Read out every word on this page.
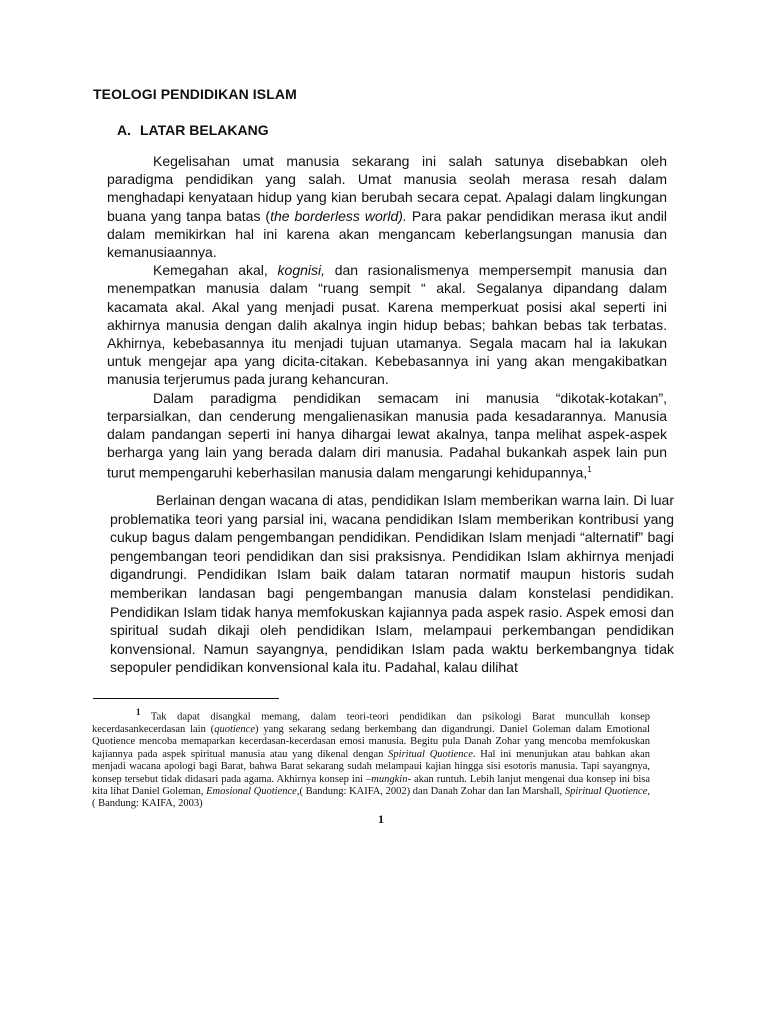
TEOLOGI PENDIDIKAN ISLAM
A. LATAR BELAKANG

Kegelisahan umat manusia sekarang ini salah satunya disebabkan oleh paradigma pendidikan yang salah. Umat manusia seolah merasa resah dalam menghadapi kenyataan hidup yang kian berubah secara cepat. Apalagi dalam lingkungan buana yang tanpa batas (the borderless world). Para pakar pendidikan merasa ikut andil dalam memikirkan hal ini karena akan mengancam keberlangsungan manusia dan kemanusiaannya.

Kemegahan akal, kognisi, dan rasionalismenya mempersempit manusia dan menempatkan manusia dalam “ruang sempit “ akal. Segalanya dipandang dalam kacamata akal. Akal yang menjadi pusat. Karena memperkuat posisi akal seperti ini akhirnya manusia dengan dalih akalnya ingin hidup bebas; bahkan bebas tak terbatas. Akhirnya, kebebasannya itu menjadi tujuan utamanya. Segala macam hal ia lakukan untuk mengejar apa yang dicita-citakan. Kebebasannya ini yang akan mengakibatkan manusia terjerumus pada jurang kehancuran.

Dalam paradigma pendidikan semacam ini manusia “dikotak-kotakan”, terparsialkan, dan cenderung mengalienasikan manusia pada kesadarannya. Manusia dalam pandangan seperti ini hanya dihargai lewat akalnya, tanpa melihat aspek-aspek berharga yang lain yang berada dalam diri manusia. Padahal bukankah aspek lain pun turut mempengaruhi keberhasilan manusia dalam mengarungi kehidupannya,$^1$

Berlainan dengan wacana di atas, pendidikan Islam memberikan warna lain. Di luar problematika teori yang parsial ini, wacana pendidikan Islam memberikan kontribusi yang cukup bagus dalam pengembangan pendidikan. Pendidikan Islam menjadi “alternatif” bagi pengembangan teori pendidikan dan sisi praksisnya. Pendidikan Islam akhirnya menjadi digandrungi. Pendidikan Islam baik dalam tataran normatif maupun historis sudah memberikan landasan bagi pengembangan manusia dalam konstelasi pendidikan. Pendidikan Islam tidak hanya memfokuskan kajiannya pada aspek rasio. Aspek emosi dan spiritual sudah dikaji oleh pendidikan Islam, melampaui perkembangan pendidikan konvensional. Namun sayangnya, pendidikan Islam pada waktu berkembangnya tidak sepopuler pendidikan konvensional kala itu. Padahal, kalau dilihat

$^1$ Tak dapat disangkal memang, dalam teori-teori pendidikan dan psikologi Barat muncullah konsep kecerdasankecerdasan lain (quotience) yang sekarang sedang berkembang dan digandrungi. Daniel Goleman dalam Emotional Quotience mencoba memaparkan kecerdasan-kecerdasan emosi manusia. Begitu pula Danah Zohar yang mencoba memfokuskan kajiannya pada aspek spiritual manusia atau yang dikenal dengan Spiritual Quotience. Hal ini menunjukan atau bahkan akan menjadi wacana apologi bagi Barat, bahwa Barat sekarang sudah melampaui kajian hingga sisi esotoris manusia. Tapi sayangnya, konsep tersebut tidak didasari pada agama. Akhirnya konsep ini –mungkin- akan runtuh. Lebih lanjut mengenai dua konsep ini bisa kita lihat Daniel Goleman, Emosional Quotience,( Bandung: KAIFA, 2002) dan Danah Zohar dan Ian Marshall, Spiritual Quotience, ( Bandung: KAIFA, 2003)

1
